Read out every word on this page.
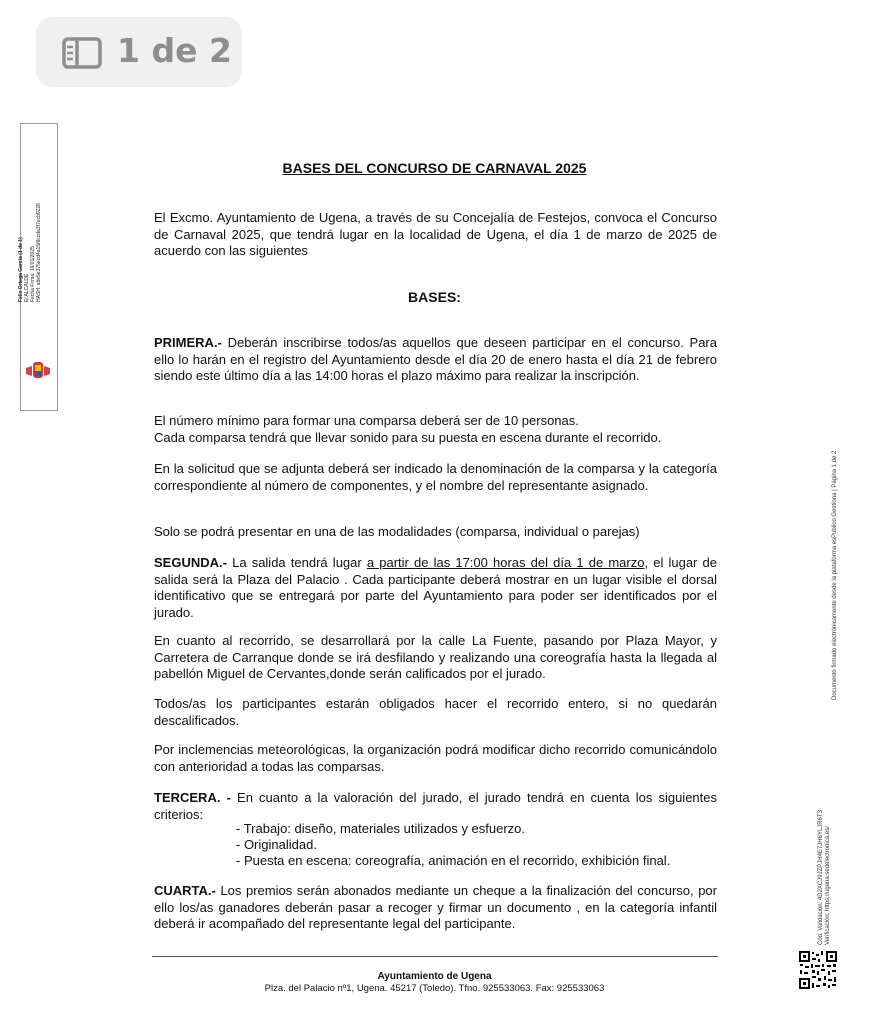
1 de 2
Félix Ortega García (1 de 1) El ALCALDE Fecha Firma: 16/01/2025 HASH: abe5e375ecd4a15f8ccda3f7ecb9228
BASES DEL CONCURSO DE CARNAVAL 2025
El Excmo. Ayuntamiento de Ugena, a través de su Concejalía de Festejos, convoca el Concurso de Carnaval 2025, que tendrá lugar en la localidad de Ugena, el día 1 de marzo de 2025 de acuerdo con las siguientes
BASES:
PRIMERA.- Deberán inscribirse todos/as aquellos que deseen participar en el concurso. Para ello lo harán en el registro del Ayuntamiento desde el día 20 de enero hasta el día 21 de febrero siendo este último día a las 14:00 horas el plazo máximo para realizar la inscripción.
El número mínimo para formar una comparsa deberá ser de 10 personas.
Cada comparsa tendrá que llevar sonido para su puesta en escena durante el recorrido.
En la solicitud que se adjunta deberá ser indicado la denominación de la comparsa y la categoría correspondiente al número de componentes, y el nombre del representante asignado.
Solo se podrá presentar en una de las modalidades (comparsa, individual o parejas)
SEGUNDA.- La salida tendrá lugar a partir de las 17:00 horas del día 1 de marzo, el lugar de salida será la Plaza del Palacio . Cada participante deberá mostrar en un lugar visible el dorsal identificativo que se entregará por parte del Ayuntamiento para poder ser identificados por el jurado.
En cuanto al recorrido, se desarrollará por la calle La Fuente, pasando por Plaza Mayor, y Carretera de Carranque donde se irá desfilando y realizando una coreografía hasta la llegada al pabellón Miguel de Cervantes,donde serán calificados por el jurado.
Todos/as los participantes estarán obligados hacer el recorrido entero, si no quedarán descalificados.
Por inclemencias meteorológicas, la organización podrá modificar dicho recorrido comunicándolo con anterioridad a todas las comparsas.
TERCERA. - En cuanto a la valoración del jurado, el jurado tendrá en cuenta los siguientes criterios:
- Trabajo: diseño, materiales utilizados y esfuerzo.
- Originalidad.
- Puesta en escena: coreografía, animación en el recorrido, exhibición final.
CUARTA.- Los premios serán abonados mediante un cheque a la finalización del concurso, por ello los/as ganadores deberán pasar a recoger y firmar un documento , en la categoría infantil deberá ir acompañado del representante legal del participante.
Ayuntamiento de Ugena
Plza. del Palacio nº1, Ugena. 45217 (Toledo). Tfno. 925533063. Fax: 925533063
Cód. Validación: 4D2XCJ9JZPJH4E7JH6YLJR6T3 Verificación: https://ugena.sedelectronica.es/
Documento firmado electrónicamente desde la plataforma esPublico Gestiona | Página 1 de 2
